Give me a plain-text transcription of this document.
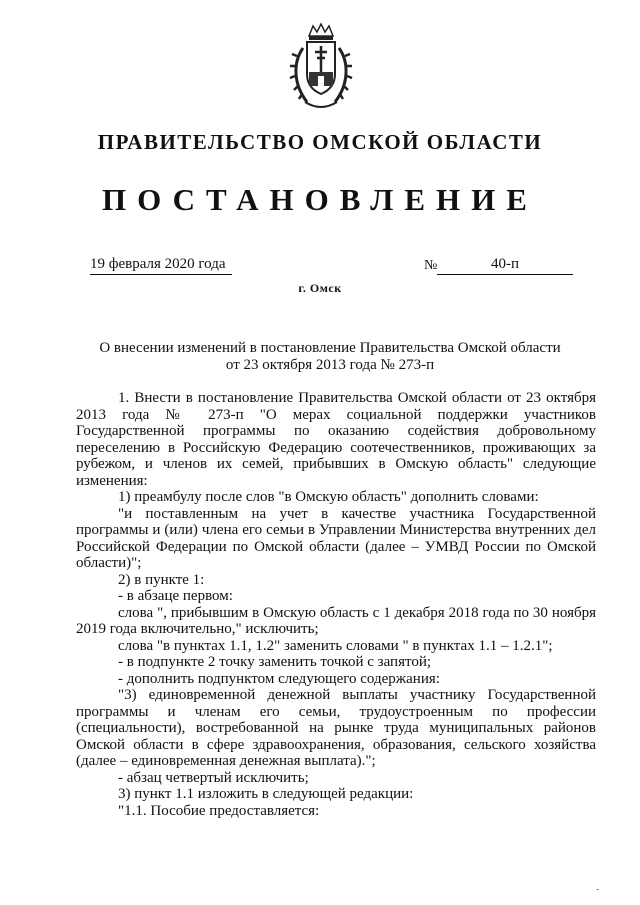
ПРАВИТЕЛЬСТВО ОМСКОЙ ОБЛАСТИ
ПОСТАНОВЛЕНИЕ
19 февраля 2020 года	№	40-п
г. Омск
О внесении изменений в постановление Правительства Омской области
от 23 октября 2013 года № 273-п

1. Внести в постановление Правительства Омской области от 23 октября 2013 года № 273-п "О мерах социальной поддержки участников Государственной программы по оказанию содействия добровольному переселению в Российскую Федерацию соотечественников, проживающих за рубежом, и членов их семей, прибывших в Омскую область" следующие изменения:

1) преамбулу после слов "в Омскую область" дополнить словами:

"и поставленным на учет в качестве участника Государственной программы и (или) члена его семьи в Управлении Министерства внутренних дел Российской Федерации по Омской области (далее – УМВД России по Омской области)";

2) в пункте 1:

- в абзаце первом:

слова ", прибывшим в Омскую область с 1 декабря 2018 года по 30 ноября 2019 года включительно," исключить;

слова "в пунктах 1.1, 1.2" заменить словами " в пунктах 1.1 – 1.2.1";

- в подпункте 2 точку заменить точкой с запятой;

- дополнить подпунктом следующего содержания:

"3) единовременной денежной выплаты участнику Государственной программы и членам его семьи, трудоустроенным по профессии (специальности), востребованной на рынке труда муниципальных районов Омской области в сфере здравоохранения, образования, сельского хозяйства (далее – единовременная денежная выплата).";

- абзац четвертый исключить;

3) пункт 1.1 изложить в следующей редакции:

"1.1. Пособие предоставляется:
